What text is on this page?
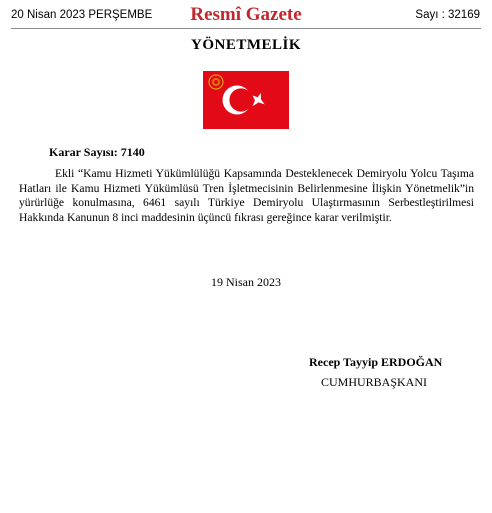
20 Nisan 2023 PERŞEMBE	Resmî Gazete	Sayı : 32169
YÖNETMELİK
Karar Sayısı: 7140
Ekli “Kamu Hizmeti Yükümlülüğü Kapsamında Desteklenecek Demiryolu Yolcu Taşıma Hatları ile Kamu Hizmeti Yükümlüsü Tren İşletmecisinin Belirlenmesine İlişkin Yönetmelik”in yürürlüğe konulmasına, 6461 sayılı Türkiye Demiryolu Ulaştırmasının Serbestleştirilmesi Hakkında Kanunun 8 inci maddesinin üçüncü fıkrası gereğince karar verilmiştir.
19 Nisan 2023
Recep Tayyip ERDOĞAN
CUMHURBAŞKANI
